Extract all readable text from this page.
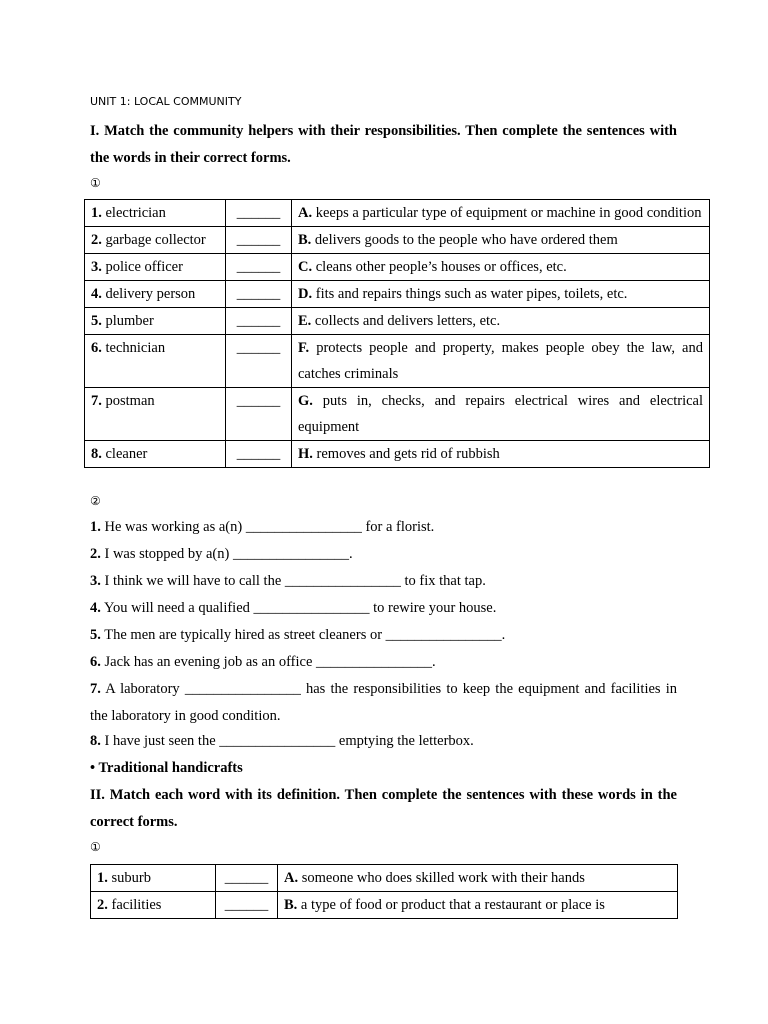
UNIT 1: LOCAL COMMUNITY
I. Match the community helpers with their responsibilities. Then complete the sentences with the words in their correct forms.
①
1. electrician	______	A. keeps a particular type of equipment or machine in good condition
2. garbage collector	______	B. delivers goods to the people who have ordered them
3. police officer	______	C. cleans other people’s houses or offices, etc.
4. delivery person	______	D. fits and repairs things such as water pipes, toilets, etc.
5. plumber	______	E. collects and delivers letters, etc.
6. technician	______	F. protects people and property, makes people obey the law, and catches criminals
7. postman	______	G. puts in, checks, and repairs electrical wires and electrical equipment
8. cleaner	______	H. removes and gets rid of rubbish
②
1. He was working as a(n) ________________ for a florist.
2. I was stopped by a(n) ________________.
3. I think we will have to call the ________________ to fix that tap.
4. You will need a qualified ________________ to rewire your house.
5. The men are typically hired as street cleaners or ________________.
6. Jack has an evening job as an office ________________.
7. A laboratory ________________ has the responsibilities to keep the equipment and facilities in the laboratory in good condition.
8. I have just seen the ________________ emptying the letterbox.
• Traditional handicrafts
II. Match each word with its definition. Then complete the sentences with these words in the correct forms.
①
1. suburb	______	A. someone who does skilled work with their hands
2. facilities	______	B. a type of food or product that a restaurant or place is
